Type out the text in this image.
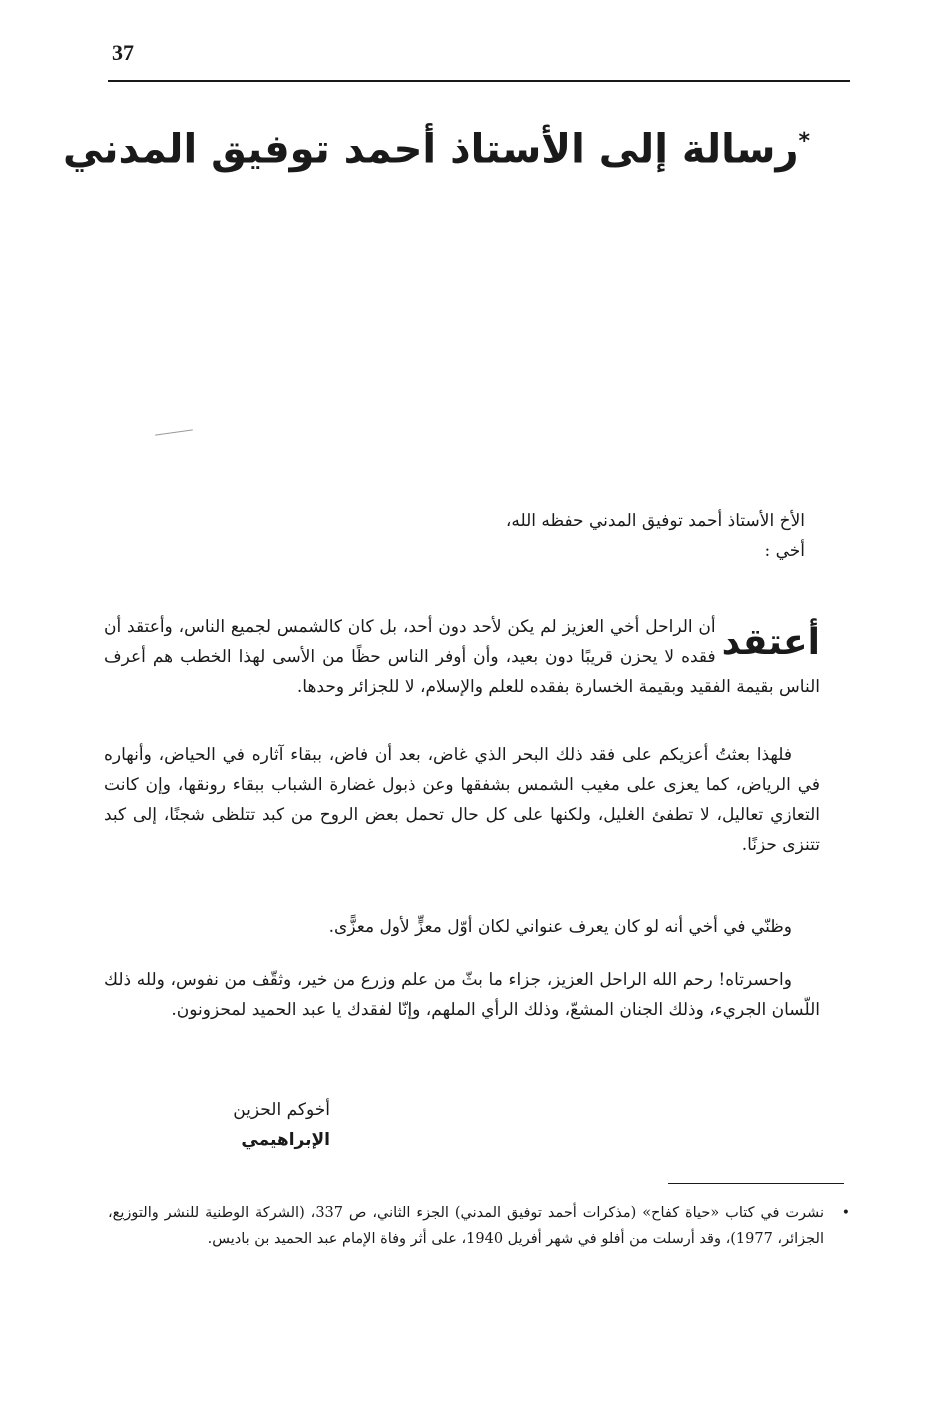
37
*رسالة إلى الأستاذ أحمد توفيق المدني
الأخ الأستاذ أحمد توفيق المدني حفظه الله،
أخي :
أعتقد

أن الراحل أخي العزيز لم يكن لأحد دون أحد، بل كان كالشمس لجميع الناس، وأعتقد أن فقده لا يحزن قريبًا دون بعيد، وأن أوفر الناس حظًا من الأسى لهذا الخطب هم أعرف الناس بقيمة الفقيد وبقيمة الخسارة بفقده للعلم والإسلام، لا للجزائر وحدها.

فلهذا بعثتُ أعزيكم على فقد ذلك البحر الذي غاض، بعد أن فاض، ببقاء آثاره في الحياض، وأنهاره في الرياض، كما يعزى على مغيب الشمس بشفقها وعن ذبول غضارة الشباب ببقاء رونقها، وإن كانت التعازي تعاليل، لا تطفئ الغليل، ولكنها على كل حال تحمل بعض الروح من كبد تتلظى شجنًا، إلى كبد تتنزى حزنًا.

وظنّي في أخي أنه لو كان يعرف عنواني لكان أوّل معزٍّ لأول معزًّى.

واحسرتاه! رحم الله الراحل العزيز، جزاء ما بثّ من علم وزرع من خير، وثقّف من نفوس، ولله ذلك اللّسان الجريء، وذلك الجنان المشعّ، وذلك الرأي الملهم، وإنّا لفقدك يا عبد الحميد لمحزونون.

أخوكم الحزين
الإبراهيمي
•
نشرت في كتاب «حياة كفاح» (مذكرات أحمد توفيق المدني) الجزء الثاني، ص 337، (الشركة الوطنية للنشر والتوزيع، الجزائر، 1977)، وقد أرسلت من أفلو في شهر أفريل 1940، على أثر وفاة الإمام عبد الحميد بن باديس.
